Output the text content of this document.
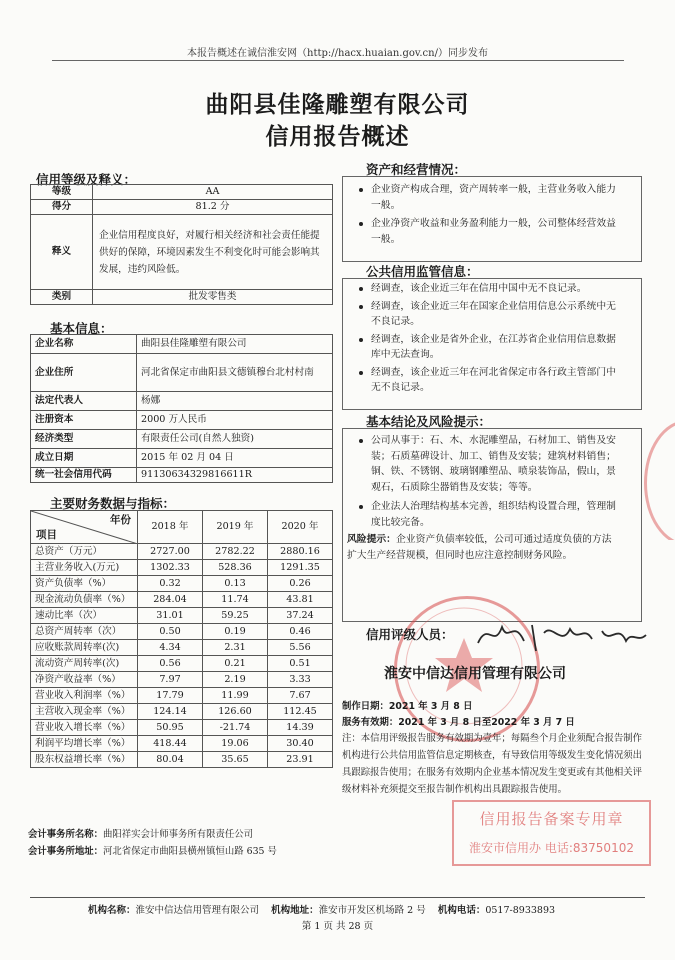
本报告概述在诚信淮安网（http://hacx.huaian.gov.cn/）同步发布
曲阳县佳隆雕塑有限公司
信用报告概述
信用等级及释义：
等级	AA
得分	81.2 分
释义	企业信用程度良好，对履行相关经济和社会责任能提供好的保障，环境因素发生不利变化时可能会影响其发展，违约风险低。
类别	批发零售类
基本信息：
企业名称	曲阳县佳隆雕塑有限公司
企业住所	河北省保定市曲阳县文德镇穆台北村村南
法定代表人	杨娜
注册资本	2000 万人民币
经济类型	有限责任公司(自然人独资)
成立日期	2015 年 02 月 04 日
统一社会信用代码	91130634329816611R
主要财务数据与指标：
年份
项目	2018 年	2019 年	2020 年
总资产（万元）	2727.00	2782.22	2880.16
主营业务收入(万元)	1302.33	528.36	1291.35
资产负债率（%）	0.32	0.13	0.26
现金流动负债率（%）	284.04	11.74	43.81
速动比率（次）	31.01	59.25	37.24
总资产周转率（次）	0.50	0.19	0.46
应收账款周转率(次)	4.34	2.31	5.56
流动资产周转率(次)	0.56	0.21	0.51
净资产收益率（%）	7.97	2.19	3.33
营业收入利润率（%）	17.79	11.99	7.67
主营收入现金率（%）	124.14	126.60	112.45
营业收入增长率（%）	50.95	-21.74	14.39
利润平均增长率（%）	418.44	19.06	30.40
股东权益增长率（%）	80.04	35.65	23.91
会计事务所名称：曲阳祥实会计师事务所有限责任公司
会计事务所地址：河北省保定市曲阳县横州镇恒山路 635 号
资产和经营情况：
企业资产构成合理，资产周转率一般，主营业务收入能力一般。
企业净资产收益和业务盈利能力一般，公司整体经营效益一般。
公共信用监管信息：
经调查，该企业近三年在信用中国中无不良记录。
经调查，该企业近三年在国家企业信用信息公示系统中无不良记录。
经调查，该企业是省外企业，在江苏省企业信用信息数据库中无法查询。
经调查，该企业近三年在河北省保定市各行政主管部门中无不良记录。
基本结论及风险提示：
公司从事于：石、木、水泥雕塑品，石材加工、销售及安装；石质墓碑设计、加工、销售及安装；建筑材料销售；铜、铁、不锈钢、玻璃钢雕塑品、喷泉装饰品，假山，景观石，石质除尘器销售及安装；等等。
企业法人治理结构基本完善，组织结构设置合理，管理制度比较完备。
风险提示：企业资产负债率较低，公司可通过适度负债的方法扩大生产经营规模，但同时也应注意控制财务风险。
信用报告备案专用章
淮安市信用办 电话:83750102
信用评级人员：
淮安中信达信用管理有限公司
制作日期：2021 年 3 月 8 日
服务有效期：2021 年 3 月 8 日至2022 年 3 月 7 日
注：本信用评级报告服务有效期为壹年；每隔叁个月企业须配合报告制作机构进行公共信用监管信息定期核查，有导致信用等级发生变化情况须出具跟踪报告使用；在服务有效期内企业基本情况发生变更或有其他相关评级材料补充须提交至报告制作机构出具跟踪报告使用。
机构名称：淮安中信达信用管理有限公司 机构地址：淮安市开发区机场路 2 号 机构电话：0517-8933893
第 1 页 共 28 页
